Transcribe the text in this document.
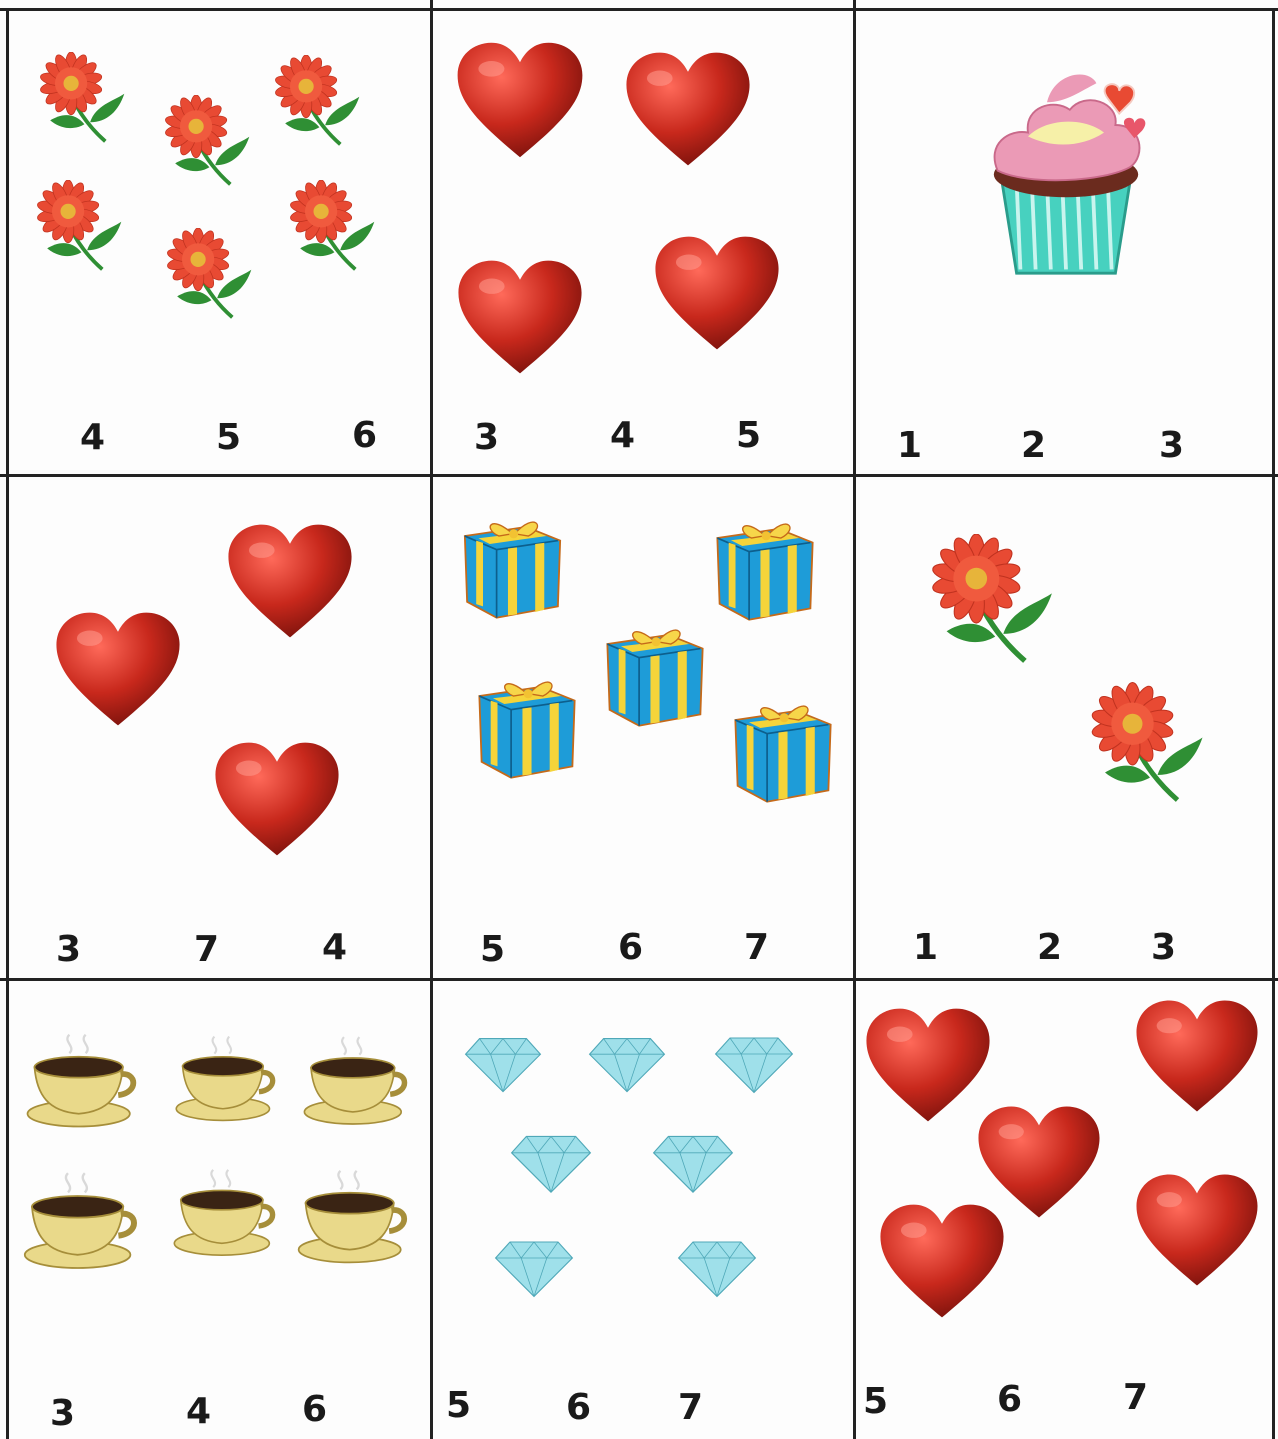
4	5	6	3	4	5	1	2	3
3	7	4	5	6	7	1	2 3
3	4	6	5	6 7	5	6	7
